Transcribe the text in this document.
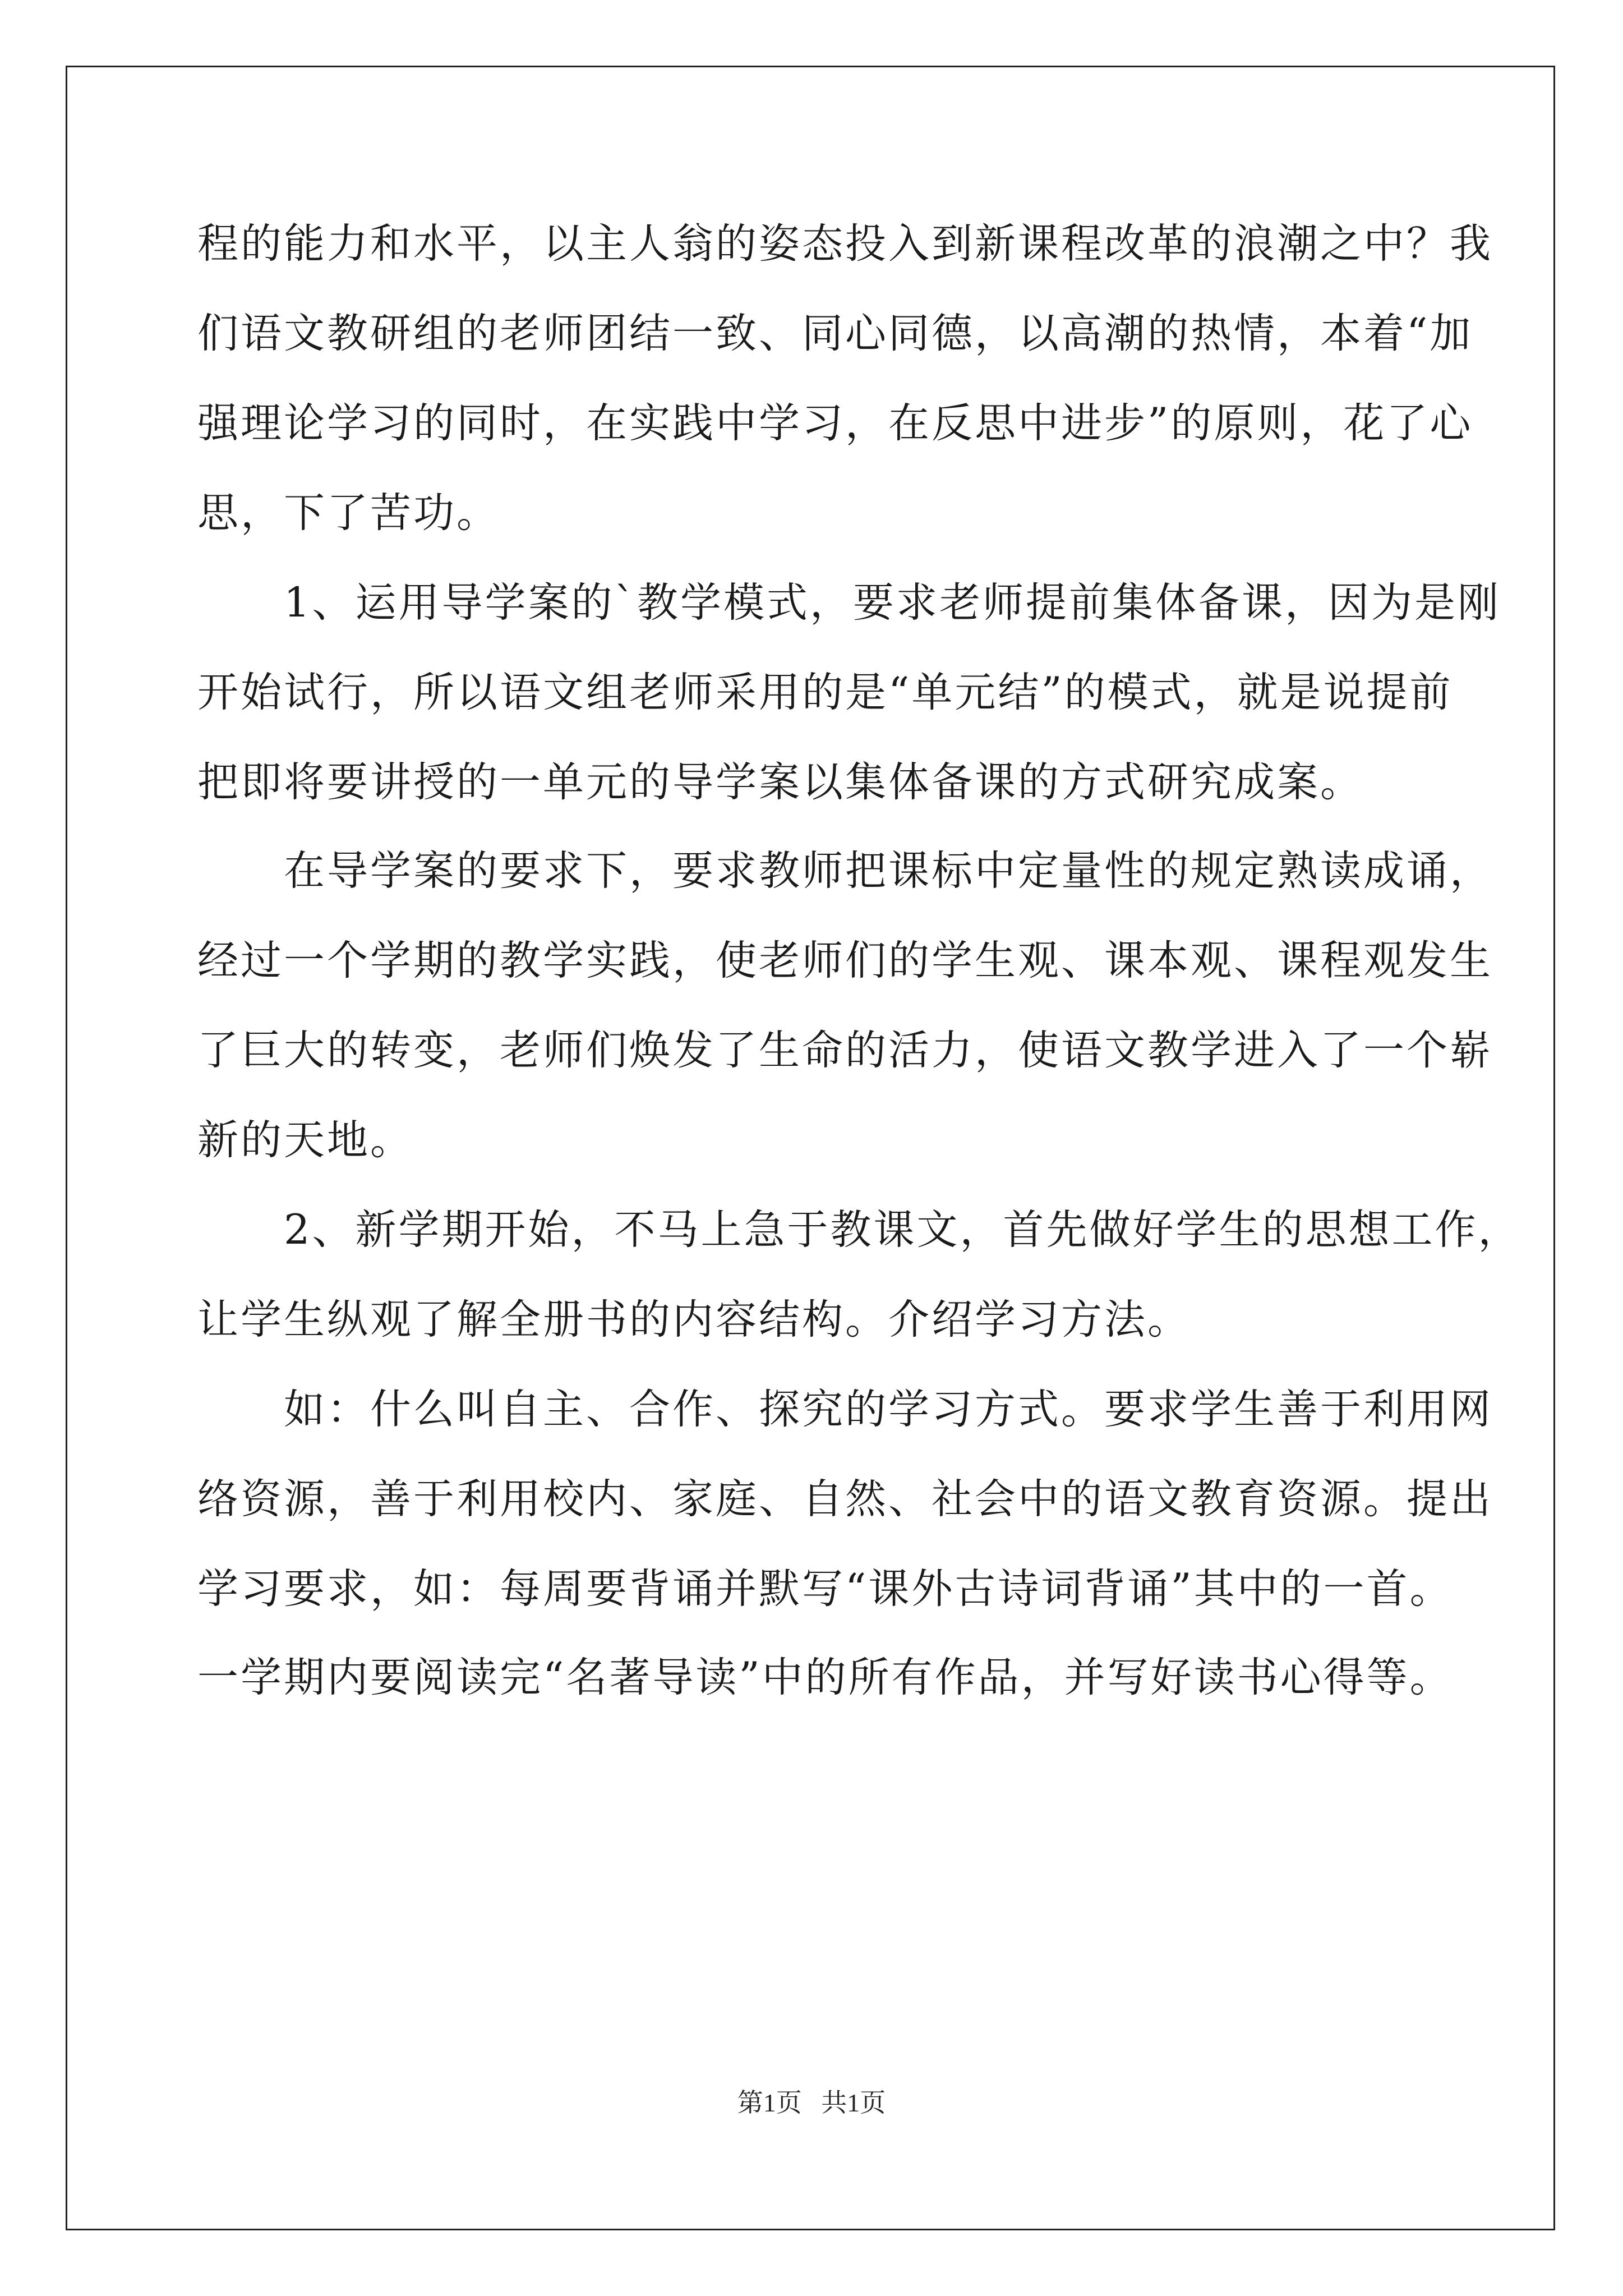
程的能力和水平，以主人翁的姿态投入到新课程改革的浪潮之中？我
们语文教研组的老师团结一致、同心同德，以高潮的热情，本着“加
强理论学习的同时，在实践中学习，在反思中进步”的原则，花了心
思，下了苦功。
　　1、运用导学案的`教学模式，要求老师提前集体备课，因为是刚
开始试行，所以语文组老师采用的是“单元结”的模式，就是说提前
把即将要讲授的一单元的导学案以集体备课的方式研究成案。
　　在导学案的要求下，要求教师把课标中定量性的规定熟读成诵，
经过一个学期的教学实践，使老师们的学生观、课本观、课程观发生
了巨大的转变，老师们焕发了生命的活力，使语文教学进入了一个崭
新的天地。
　　2、新学期开始，不马上急于教课文，首先做好学生的思想工作，
让学生纵观了解全册书的内容结构。介绍学习方法。
　　如：什么叫自主、合作、探究的学习方式。要求学生善于利用网
络资源，善于利用校内、家庭、自然、社会中的语文教育资源。提出
学习要求，如：每周要背诵并默写“课外古诗词背诵”其中的一首。
一学期内要阅读完“名著导读”中的所有作品，并写好读书心得等。
第1页   共1页
